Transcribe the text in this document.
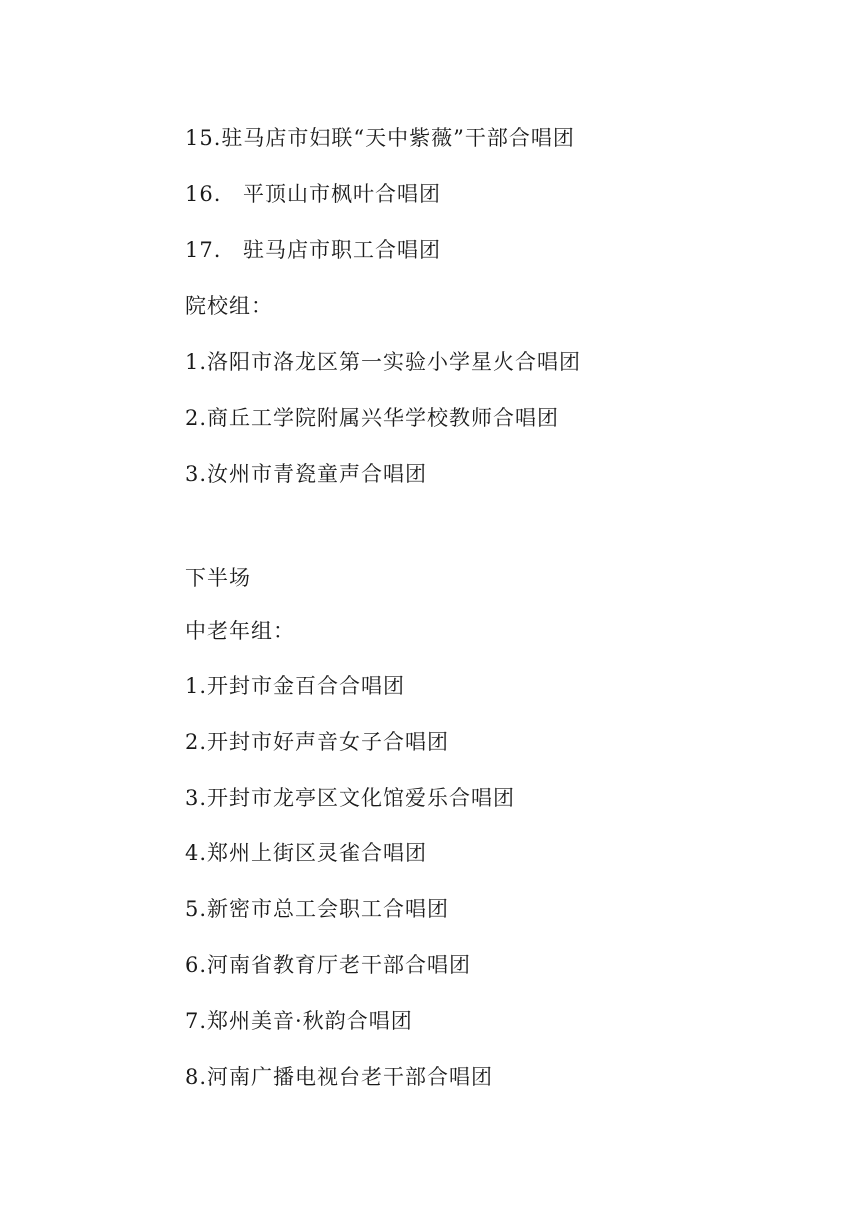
15.驻马店市妇联“天中紫薇”干部合唱团
16. 平顶山市枫叶合唱团
17. 驻马店市职工合唱团
院校组：
1.洛阳市洛龙区第一实验小学星火合唱团
2.商丘工学院附属兴华学校教师合唱团
3.汝州市青瓷童声合唱团
下半场
中老年组：
1.开封市金百合合唱团
2.开封市好声音女子合唱团
3.开封市龙亭区文化馆爱乐合唱团
4.郑州上街区灵雀合唱团
5.新密市总工会职工合唱团
6.河南省教育厅老干部合唱团
7.郑州美音·秋韵合唱团
8.河南广播电视台老干部合唱团
